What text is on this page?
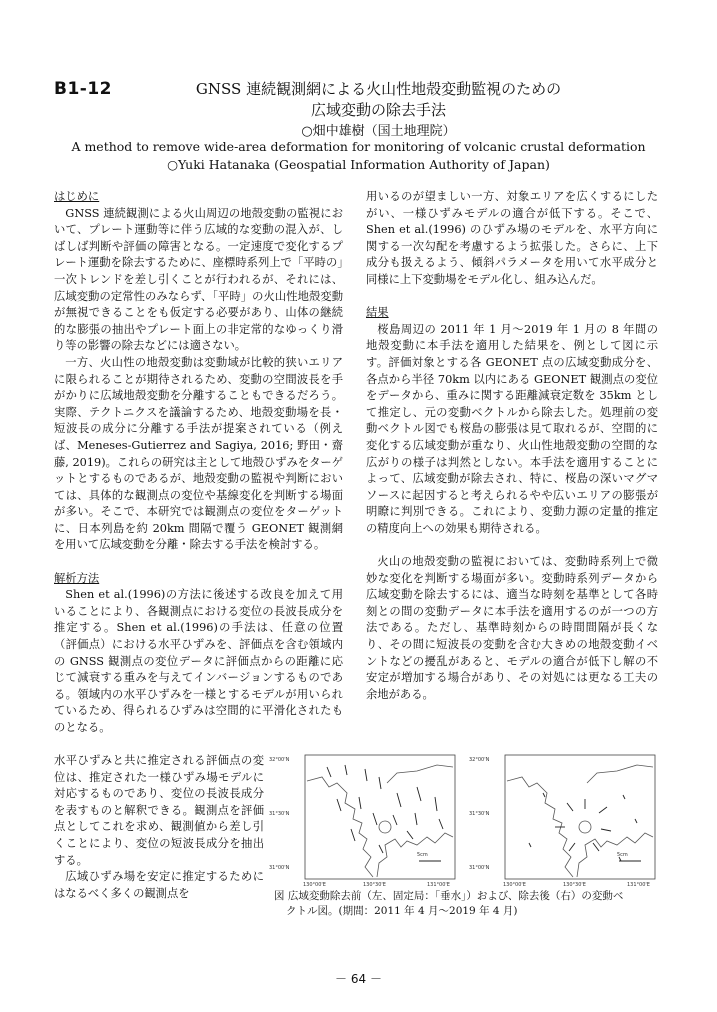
B1-12	GNSS 連続観測網による火山性地殻変動監視のための
広域変動の除去手法
○畑中雄樹（国土地理院）
A method to remove wide-area deformation for monitoring of volcanic crustal deformation
○Yuki Hatanaka (Geospatial Information Authority of Japan)

はじめに

GNSS 連続観測による火山周辺の地殻変動の監視において、プレート運動等に伴う広域的な変動の混入が、しばしば判断や評価の障害となる。一定速度で変化するプレート運動を除去するために、座標時系列上で「平時の」一次トレンドを差し引くことが行われるが、それには、広域変動の定常性のみならず、「平時」の火山性地殻変動が無視できることをも仮定する必要があり、山体の継続的な膨張の抽出やプレート面上の非定常的なゆっくり滑り等の影響の除去などには適さない。

一方、火山性の地殻変動は変動域が比較的狭いエリアに限られることが期待されるため、変動の空間波長を手がかりに広域地殻変動を分離することもできるだろう。実際、テクトニクスを議論するため、地殻変動場を長・短波長の成分に分離する手法が提案されている（例えば、Meneses-Gutierrez and Sagiya, 2016; 野田・齋藤, 2019)。これらの研究は主として地殻ひずみをターゲットとするものであるが、地殻変動の監視や判断においては、具体的な観測点の変位や基線変化を判断する場面が多い。そこで、本研究では観測点の変位をターゲットに、日本列島を約 20km 間隔で覆う GEONET 観測網を用いて広域変動を分離・除去する手法を検討する。

解析方法

Shen et al.(1996)の方法に後述する改良を加えて用いることにより、各観測点における変位の長波長成分を推定する。Shen et al.(1996)の手法は、任意の位置（評価点）における水平ひずみを、評価点を含む領域内の GNSS 観測点の変位データに評価点からの距離に応じて減衰する重みを与えてインバージョンするものである。領域内の水平ひずみを一様とするモデルが用いられているため、得られるひずみは空間的に平滑化されたものとなる。

水平ひずみと共に推定される評価点の変位は、推定された一様ひずみ場モデルに対応するものであり、変位の長波長成分を表すものと解釈できる。観測点を評価点としてこれを求め、観測値から差し引くことにより、変位の短波長成分を抽出する。

広域ひずみ場を安定に推定するためにはなるべく多くの観測点を

用いるのが望ましい一方、対象エリアを広くするにしたがい、一様ひずみモデルの適合が低下する。そこで、Shen et al.(1996) のひずみ場のモデルを、水平方向に関する一次勾配を考慮するよう拡張した。さらに、上下成分も扱えるよう、傾斜パラメータを用いて水平成分と同様に上下変動場をモデル化し、組み込んだ。

結果

桜島周辺の 2011 年 1 月～2019 年 1 月の 8 年間の地殻変動に本手法を適用した結果を、例として図に示す。評価対象とする各 GEONET 点の広域変動成分を、各点から半径 70km 以内にある GEONET 観測点の変位をデータから、重みに関する距離減衰定数を 35km として推定し、元の変動ベクトルから除去した。処理前の変動ベクトル図でも桜島の膨張は見て取れるが、空間的に変化する広域変動が重なり、火山性地殻変動の空間的な広がりの様子は判然としない。本手法を適用することによって、広域変動が除去され、特に、桜島の深いマグマソースに起因すると考えられるやや広いエリアの膨張が明瞭に判別できる。これにより、変動力源の定量的推定の精度向上への効果も期待される。

火山の地殻変動の監視においては、変動時系列上で微妙な変化を判断する場面が多い。変動時系列データから広域変動を除去するには、適当な時刻を基準として各時刻との間の変動データに本手法を適用するのが一つの方法である。ただし、基準時刻からの時間間隔が長くなり、その間に短波長の変動を含む大きめの地殻変動イベントなどの擾乱があると、モデルの適合が低下し解の不安定が増加する場合があり、その対処には更なる工夫の余地がある。

5cm
32°00'N
31°30'N
31°00'N
130°00'E	130°30'E	131°00'E
5cm
32°00'N
31°30'N
31°00'N
130°00'E	130°30'E	131°00'E
図 広域変動除去前（左、固定局：「垂水」）および、除去後（右）の変動ベ
クトル図。(期間：2011 年 4 月～2019 年 4 月)
－ 64 －
